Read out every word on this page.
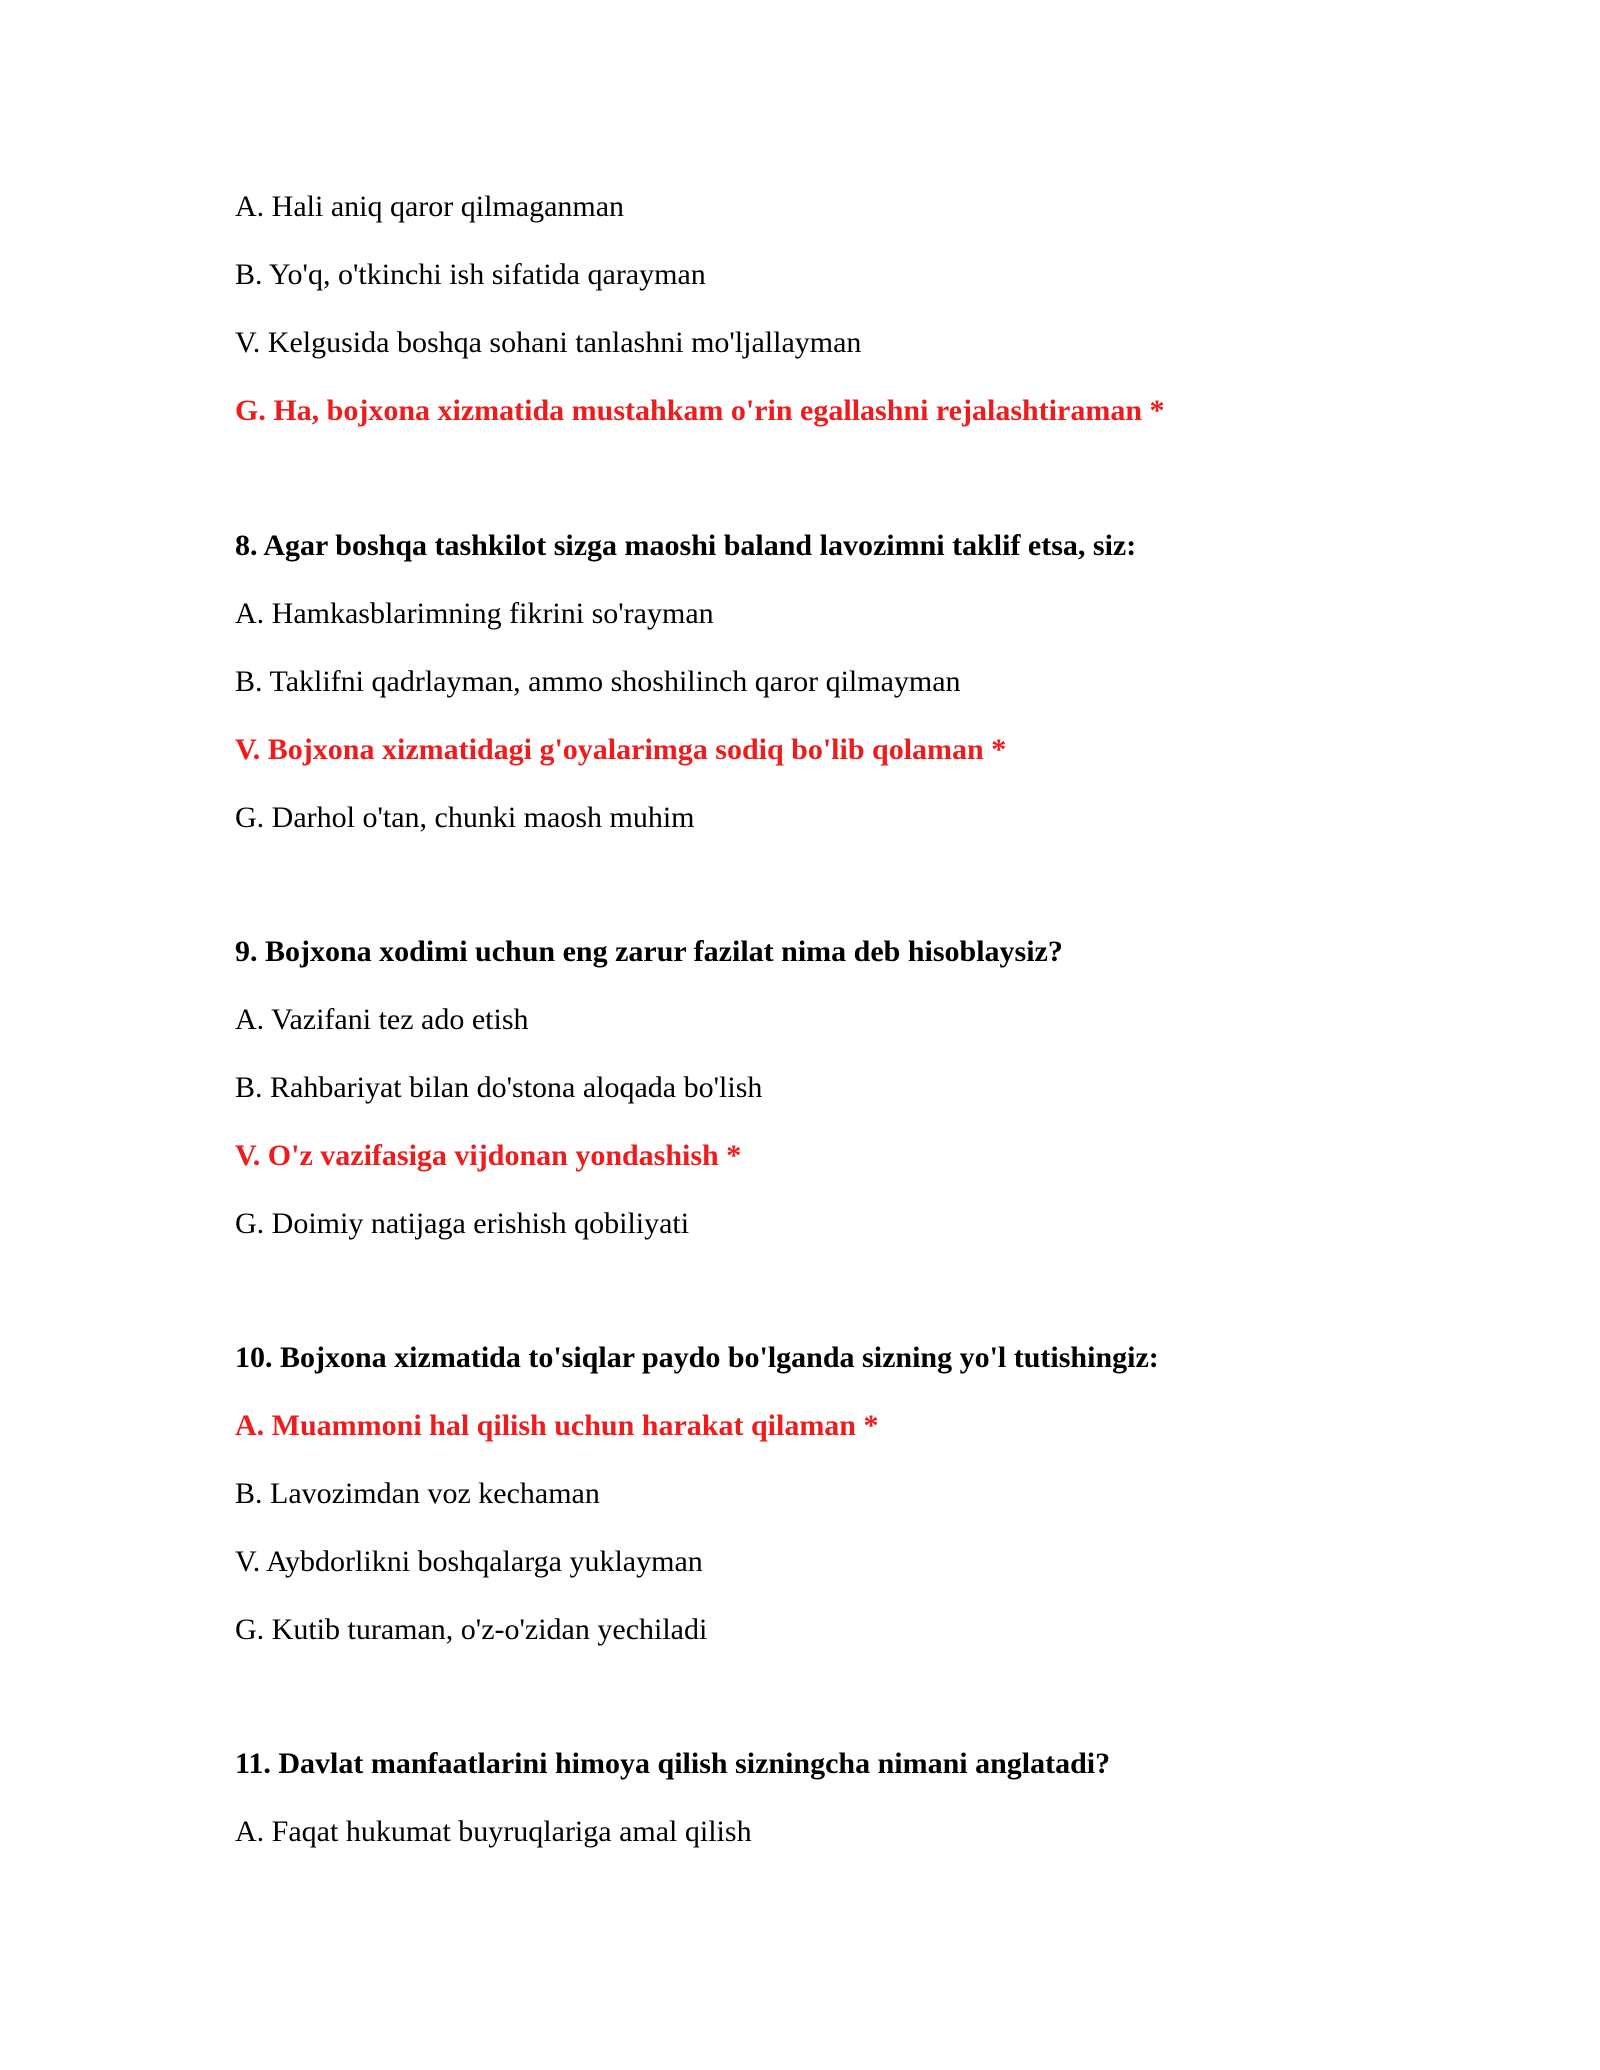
A. Hali aniq qaror qilmaganman
B. Yo'q, o'tkinchi ish sifatida qarayman
V. Kelgusida boshqa sohani tanlashni mo'ljallayman
G. Ha, bojxona xizmatida mustahkam o'rin egallashni rejalashtiraman *
8. Agar boshqa tashkilot sizga maoshi baland lavozimni taklif etsa, siz:
A. Hamkasblarimning fikrini so'rayman
B. Taklifni qadrlayman, ammo shoshilinch qaror qilmayman
V. Bojxona xizmatidagi g'oyalarimga sodiq bo'lib qolaman *
G. Darhol o'tan, chunki maosh muhim
9. Bojxona xodimi uchun eng zarur fazilat nima deb hisoblaysiz?
A. Vazifani tez ado etish
B. Rahbariyat bilan do'stona aloqada bo'lish
V. O'z vazifasiga vijdonan yondashish *
G. Doimiy natijaga erishish qobiliyati
10. Bojxona xizmatida to'siqlar paydo bo'lganda sizning yo'l tutishingiz:
A. Muammoni hal qilish uchun harakat qilaman *
B. Lavozimdan voz kechaman
V. Aybdorlikni boshqalarga yuklayman
G. Kutib turaman, o'z-o'zidan yechiladi
11. Davlat manfaatlarini himoya qilish sizningcha nimani anglatadi?
A. Faqat hukumat buyruqlariga amal qilish
